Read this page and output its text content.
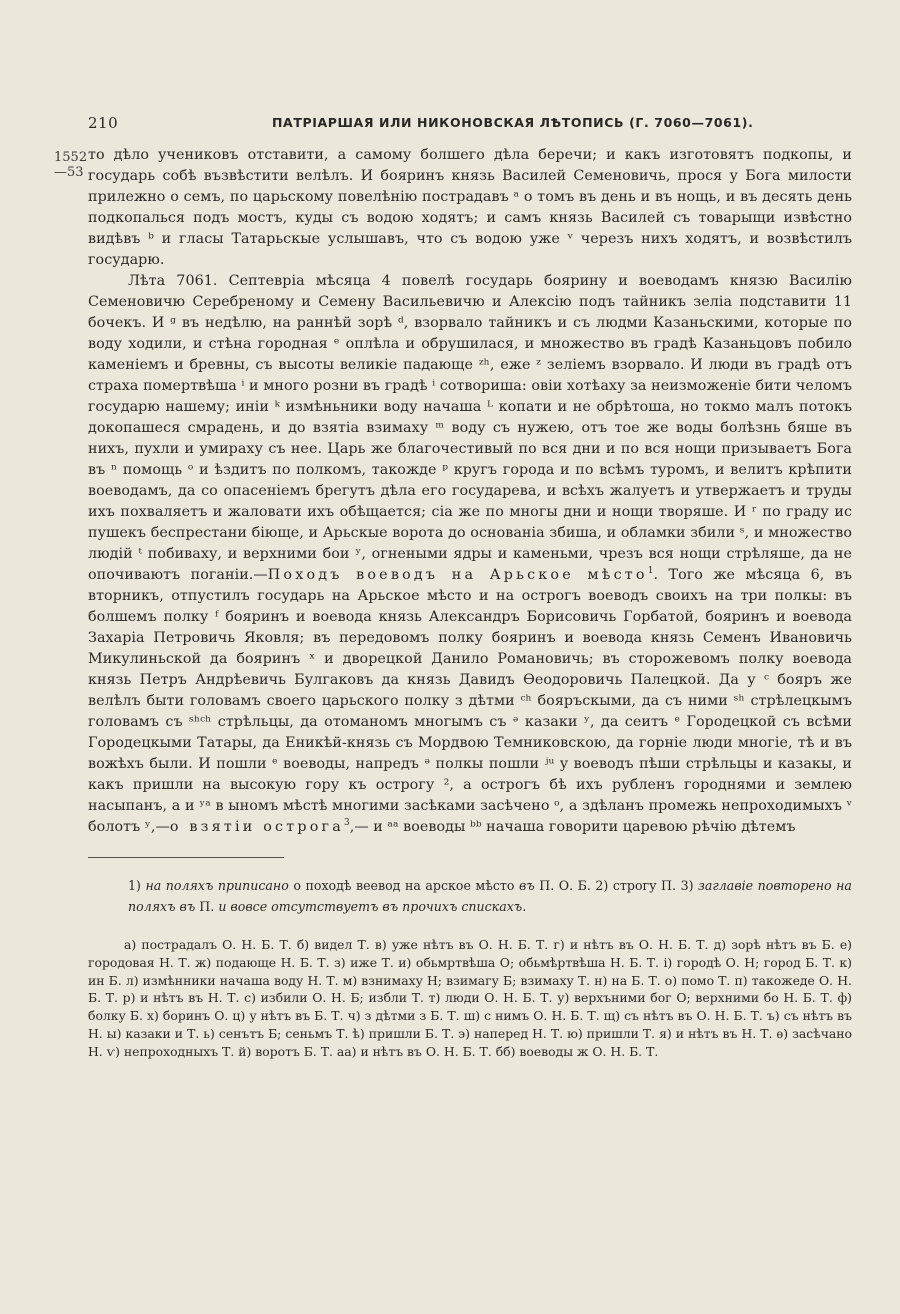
210	ПАТРІАРШАЯ ИЛИ НИКОНОВСКАЯ ЛѢТОПИСЬ (Г. 7060—7061).
1552
—53

то дѣло учениковъ отставити, а самому болшего дѣла беречи; и какъ изготовятъ подкопы, и государь собѣ възвѣстити велѣлъ. И бояринъ князь Василей Семеновичь, прося у Бога милости прилежно о семъ, по царьскому повелѣнію пострадавъ ᵃ о томъ въ день и въ нощь, и въ десять день подкопалься подъ мостъ, куды съ водою ходятъ; и самъ князь Василей съ товарыщи извѣстно видѣвъ ᵇ и гласы Татарьскые услышавъ, что съ водою уже ᵛ черезъ нихъ ходятъ, и возвѣстилъ государю.

Лѣта 7061. Септевріа мѣсяца 4 повелѣ государь боярину и воеводамъ князю Василію Семеновичю Серебреному и Семену Васильевичю и Алексію подъ тайникъ зеліа подставити 11 бочекъ. И ᵍ въ недѣлю, на раннѣй зорѣ ᵈ, взорвало тайникъ и съ людми Казаньскими, которые по воду ходили, и стѣна городная ᵉ оплѣла и обрушилася, и множество въ градѣ Казаньцовъ побило каменіемъ и бревны, съ высоты великіе падающе ᶻʰ, еже ᶻ зеліемъ взорвало. И люди въ градѣ отъ страха помертвѣша ⁱ и много розни въ градѣ ⁱ сотвориша: овіи хотѣаху за неизможеніе бити челомъ государю нашему; иніи ᵏ измѣньники воду начаша ᴸ копати и не обрѣтоша, но токмо малъ потокъ докопашеся смрадень, и до взятіа взимаху ᵐ воду съ нужею, отъ тое же воды болѣзнь бяше въ нихъ, пухли и умираху съ нее. Царь же благочестивый по вся дни и по вся нощи призываетъ Бога въ ⁿ помощь ᵒ и ѣздитъ по полкомъ, такожде ᵖ кругъ города и по всѣмъ туромъ, и велитъ крѣпити воеводамъ, да со опасеніемъ брегутъ дѣла его государева, и всѣхъ жалуетъ и утвержаетъ и труды ихъ похваляетъ и жаловати ихъ обѣщается; сіа же по многы дни и нощи творяше. И ʳ по граду ис пушекъ беспрестани біюще, и Арьскые ворота до основаніа збиша, и обламки збили ˢ, и множество людій ᵗ побиваху, и верхними бои ʸ, огнеными ядры и каменьми, чрезъ вся нощи стрѣляше, да не опочиваютъ поганіи.—Походъ воеводъ на Арьское мѣсто$^1$. Того же мѣсяца 6, въ вторникъ, отпустилъ государь на Арьское мѣсто и на острогъ воеводъ своихъ на три полкы: въ болшемъ полку ᶠ бояринъ и воевода князь Александръ Борисовичь Горбатой, бояринъ и воевода Захаріа Петровичь Яковля; въ передовомъ полку бояринъ и воевода князь Семенъ Ивановичь Микулиньской да бояринъ ˣ и дворецкой Данило Романовичь; въ сторожевомъ полку воевода князь Петръ Андрѣевичь Булгаковъ да князь Давидъ Ѳеодоровичь Палецкой. Да у ᶜ бояръ же велѣлъ быти головамъ своего царьского полку з дѣтми ᶜʰ бояръскыми, да съ ними ˢʰ стрѣлецкымъ головамъ съ ˢʰᶜʰ стрѣльцы, да отоманомъ многымъ съ ᵊ казаки ʸ, да сеитъ ᵉ Городецкой съ всѣми Городецкыми Татары, да Еникѣй-князь съ Мордвою Темниковскою, да горніе люди многіе, тѣ и въ вожѣхъ были. И пошли ᵉ воеводы, напредъ ᵊ полкы пошли ʲᵘ у воеводъ пѣши стрѣльцы и казакы, и какъ пришли на высокую гору къ острогу ², а острогъ бѣ ихъ рубленъ городнями и землею насыпанъ, а и ʸᵃ в ыномъ мѣстѣ многими засѣками засѣчено ᵒ, а здѣланъ промежь непроходимыхъ ᵛ болотъ ʸ,—о взятіи острога$^3$,— и ᵃᵃ воеводы ᵇᵇ начаша говорити царевою рѣчію дѣтемъ

1) на поляхъ приписано о походѣ веевод на арское мѣсто въ П. О. Б. 2) строгу П. 3) заглавіе повторено на поляхъ въ П. и вовсе отсутствуетъ въ прочихъ спискахъ.

а) пострадалъ О. Н. Б. Т. б) видел Т. в) уже нѣтъ въ О. Н. Б. Т. г) и нѣтъ въ О. Н. Б. Т. д) зорѣ нѣтъ въ Б. е) городовая Н. Т. ж) подающе Н. Б. Т. з) иже Т. и) обьмртвѣша О; обьмѣртвѣша Н. Б. Т. і) городѣ О. Н; город Б. Т. к) ин Б. л) измѣнники начаша воду Н. Т. м) взнимаху Н; взимагу Б; взимаху Т. н) на Б. Т. о) помо Т. п) такожеде О. Н. Б. Т. р) и нѣтъ въ Н. Т. с) избили О. Н. Б; избли Т. т) люди О. Н. Б. Т. у) верхъними бог О; верхними бо Н. Б. Т. ф) болку Б. х) боринъ О. ц) у нѣтъ въ Б. Т. ч) з дѣтми з Б. Т. ш) с нимъ О. Н. Б. Т. щ) съ нѣтъ въ О. Н. Б. Т. ъ) съ нѣтъ въ Н. ы) казаки и Т. ь) сенътъ Б; сеньмъ Т. ѣ) пришли Б. Т. э) наперед Н. Т. ю) пришли Т. я) и нѣтъ въ Н. Т. ѳ) засѣчано Н. ѵ) непроходныхъ Т. й) воротъ Б. Т. аа) и нѣтъ въ О. Н. Б. Т. бб) воеводы ж О. Н. Б. Т.
